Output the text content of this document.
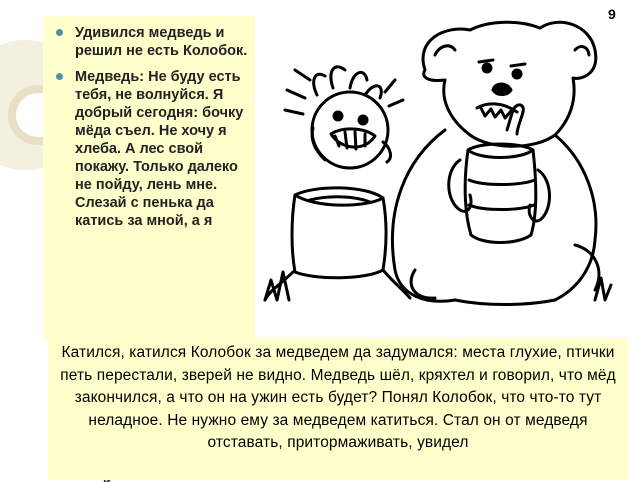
Удивился медведь и решил не есть Колобок.
Медведь: Не буду есть тебя, не волнуйся. Я добрый сегодня: бочку мёда съел. Не хочу я хлеба. А лес свой покажу. Только далеко не пойду, лень мне. Слезай с пенька да катись за мной, а я
9

Катился, катился Колобок за медведем да задумался: места глухие, птички петь перестали, зверей не видно. Медведь шёл, кряхтел и говорил, что мёд закончился, а что он на ужин есть будет? Понял Колобок, что что-то тут неладное. Не нужно ему за медведем катиться. Стал он от медведя отставать, притормаживать, увидел
